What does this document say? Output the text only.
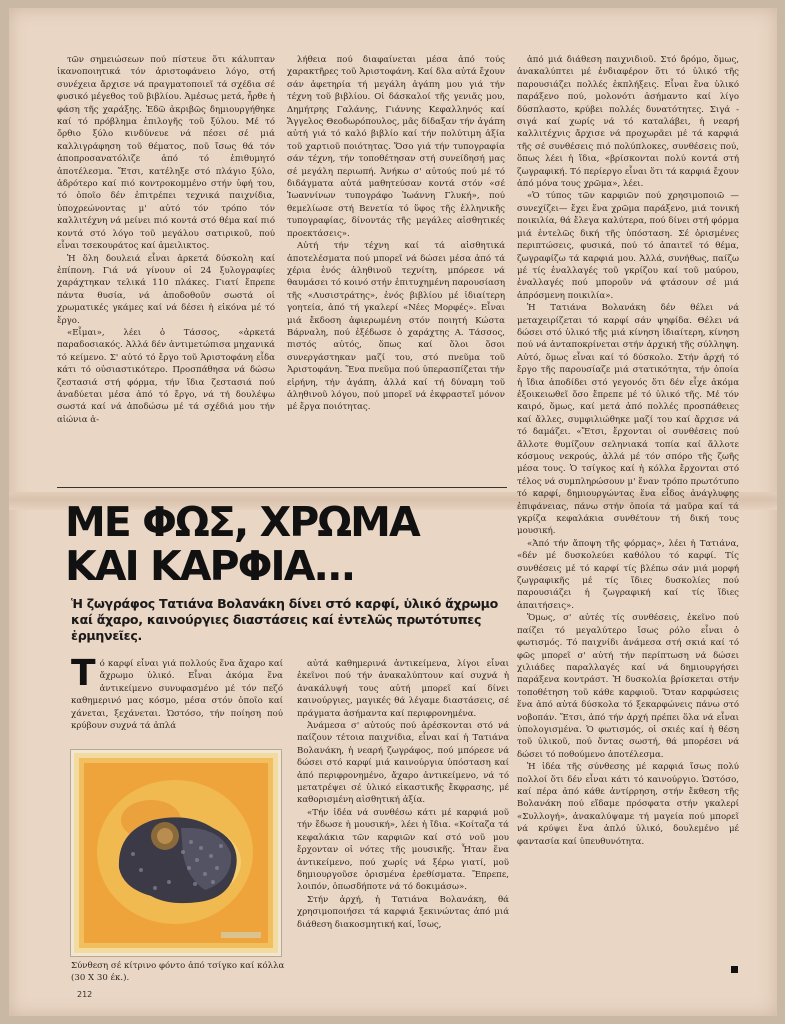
τῶν σημειώσεων πού πίστευε ὅτι κάλυπταν ἱκανοποιητικά τόν ἀριστοφάνειο λόγο, στή συνέχεια ἄρχισε νά πραγματοποιεῖ τά σχέδια σέ φυσικό μέγεθος τοῦ βιβλίου. Ἀμέσως μετά, ἦρθε ἡ φάση τῆς χαράξης. Ἐδῶ ἀκριβῶς δημιουργήθηκε καί τό πρόβλημα ἐπιλογῆς τοῦ ξύλου. Μέ τό ὄρθιο ξύλο κινδύνευε νά πέσει σέ μιά καλλιγράφηση τοῦ θέματος, ποῦ ἴσως θά τόν ἀποπροσανατόλιζε ἀπό τό ἐπιθυμητό ἀποτέλεσμα. Ἔτσι, κατέληξε στό πλάγιο ξύλο, ἀδρότερο καί πιό κοντροκομμένο στήν ὑφή του, τό ὁποῖο δέν ἐπιτρέπει τεχνικά παιχνίδια, ὑποχρεώνοντας μ' αὐτό τόν τρόπο τόν καλλιτέχνη νά μείνει πιό κοντά στό θέμα καί πιό κοντά στό λόγο τοῦ μεγάλου σατιρικοῦ, πού εἶναι τσεκουράτος καί ἀμειλικτος.

Ἡ ὅλη δουλειά εἶναι ἀρκετά δύσκολη καί ἐπίπονη. Γιά νά γίνουν οἱ 24 ξυλογραφίες χαράχτηκαν τελικά 110 πλάκες. Γιατί ἔπρεπε πάντα θυσία, νά ἀποδοθοῦν σωστά οἱ χρωματικές γκάμες καί νά δέσει ἡ εἰκόνα μέ τό ἔργο.

«Εἶμαι», λέει ὁ Τάσσος, «ἀρκετά παραδοσιακός. Ἀλλά δέν ἀντιμετώπισα μηχανικά τό κείμενο. Σ' αὐτό τό ἔργο τοῦ Ἀριστοφάνη εἶδα κάτι τό οὐσιαστικότερο. Προσπάθησα νά δώσω ζεστασιά στή φόρμα, τήν ἴδια ζεστασιά πού ἀναδύεται μέσα ἀπό τό ἔργο, νά τή δουλέψω σωστά καί νά ἀποδώσω μέ τά σχέδιά μου τήν αἰώνια ἀ-

λήθεια πού διαφαίνεται μέσα ἀπό τούς χαρακτῆρες τοῦ Ἀριστοφάνη. Καί δλα αὐτά ἔχουν σάν ἀφετηρία τή μεγάλη ἀγάπη μου γιά τήν τέχνη τοῦ βιβλίου. Οἱ δάσκαλοί τῆς γενιᾶς μου, Δημήτρης Γαλάνης, Γιάννης Κεφαλληνός καί Ἄγγελος Θεοδωρόπουλος, μᾶς δίδαξαν τήν ἀγάπη αὐτή γιά τό καλό βιβλίο καί τήν πολύτιμη ἀξία τοῦ χαρτιοῦ ποιότητας. Ὅσο γιά τήν τυπογραφία σάν τέχνη, τήν τοποθέτησαν στή συνείδησή μας σέ μεγάλη περιωπή. Ἀνήκω σ' αὐτούς πού μέ τό διδάγματα αὐτά μαθητεύσαν κοντά στόν «σέ Ἰωαννίνων τυπογράφο Ἰωάννη Γλυκή», πού θεμελίωσε στή Βενετία τό ὕφος τῆς ἑλληνικῆς τυπογραφίας, δίνοντάς τῆς μεγάλες αἰσθητικές προεκτάσεις».

Αὐτή τήν τέχνη καί τά αἰσθητικά ἀποτελέσματα πού μπορεῖ νά δώσει μέσα ἀπό τά χέρια ἑνός ἀληθινοῦ τεχνίτη, μπόρεσε νά θαυμάσει τό κοινό στήν ἐπιτυχημένη παρουσίαση τῆς «Λυσιστράτης», ἑνός βιβλίου μέ ἰδιαίτερη γοητεία, ἀπό τή γκαλερί «Νέες Μορφές». Εἶναι μιά ἔκδοση ἀφιερωμένη στόν ποιητή Κώστα Βάρναλη, πού ἐξέδωσε ὁ χαράχτης Α. Τάσσος, πιστός αὐτός, ὅπως καί ὅλοι ὅσοι συνεργάστηκαν μαζί του, στό πνεῦμα τοῦ Ἀριστοφάνη. Ἕνα πνεῦμα πού ὑπερασπίζεται τήν εἰρήνη, τήν ἀγάπη, ἀλλά καί τή δύναμη τοῦ ἀληθινοῦ λόγου, πού μπορεῖ νά ἐκφραστεῖ μόνον μέ ἔργα ποιότητας.

ἀπό μιά διάθεση παιχνιδιοῦ. Στό δρόμο, ὅμως, ἀνακαλύπτει μέ ἐνδιαφέρον ὅτι τό ὑλικό τῆς παρουσιάζει πολλές ἐκπλήξεις. Εἶναι ἕνα ὑλικό παράξενο πού, μολονότι ἀσήμαντο καί λίγο δύσπλαστο, κρύβει πολλές δυνατότητες. Σιγά - σιγά καί χωρίς νά τό καταλάβει, ἡ νεαρή καλλιτέχνις ἄρχισε νά προχωρᾶει μέ τά καρφιά τῆς σέ συνθέσεις πιό πολύπλοκες, συνθέσεις πού, ὅπως λέει ἡ ἴδια, «βρίσκονται πολύ κοντά στή ζωγραφική. Τό περίεργο εἶναι ὅτι τά καρφιά ἔχουν ἀπό μόνα τους χρῶμα», λέει.

«Ὁ τύπος τῶν καρφιῶν πού χρησιμοποιῶ —συνεχίζει— ἔχει ἕνα χρῶμα παράξενο, μιά τονική ποικιλία, θά ἔλεγα καλύτερα, πού δίνει στή φόρμα μιά ἐντελῶς δική τῆς ὑπόσταση. Σέ ὁρισμένες περιπτώσεις, φυσικά, πού τό ἀπαιτεῖ τό θέμα, ζωγραφίζω τά καρφιά μου. Ἀλλά, συνήθως, παίζω μέ τίς ἐναλλαγές τοῦ γκρίζου καί τοῦ μαύρου, ἐναλλαγές πού μποροῦν νά φτάσουν σέ μιά ἀπρόσμενη ποικιλία».

Ἡ Τατιάνα Βολανάκη δέν θέλει νά μεταχειρίζεται τό καρφί σάν ψηφίδα. Θέλει νά δώσει στό ὑλικό τῆς μιά κίνηση ἰδιαίτερη, κίνηση πού νά ἀνταποκρίνεται στήν ἀρχική τῆς σύλληψη. Αὐτό, ὅμως εἶναι καί τό δύσκολο. Στήν ἀρχή τό ἔργο τῆς παρουσίαζε μιά στατικότητα, τήν ὁποία ἡ ἴδια ἀποδίδει στό γεγονός ὅτι δέν εἶχε ἀκόμα ἐξοικειωθεῖ ὅσο ἔπρεπε μέ τό ὑλικό τῆς. Μέ τόν καιρό, ὅμως, καί μετά ἀπό πολλές προσπάθειες καί ἄλλες, συμφιλιώθηκε μαζί του καί ἄρχισε νά τό δαμάζει. «Ἔτσι, ἔρχονται οἱ συνθέσεις πού ἄλλοτε θυμίζουν σεληνιακά τοπία καί ἄλλοτε κόσμους νεκρούς, ἀλλά μέ τόν σπόρο τῆς ζωῆς μέσα τους. Ὁ τσίγκος καί ἡ κόλλα ἔρχονται στό τέλος νά συμπληρώσουν μ' ἕναν τρόπο πρωτότυπο τό καρφί, δημιουργώντας ἕνα εἶδος ἀνάγλυφης ἐπιφάνειας, πάνω στήν ὁποία τά μαῦρα καί τά γκρίζα κεφαλάκια συνθέτουν τή δική τους μουσική.

«Ἀπό τήν ἄποψη τῆς φόρμας», λέει ἡ Τατιάνα, «δέν μέ δυσκολεύει καθόλου τό καρφί. Τίς συνθέσεις μέ τό καρφί τίς βλέπω σάν μιά μορφή ζωγραφικῆς μέ τίς ἴδιες δυσκολίες πού παρουσιάζει ἡ ζωγραφική καί τίς ἴδιες ἀπαιτήσεις».

Ὅμως, σ' αὐτές τίς συνθέσεις, ἐκεῖνο πού παίζει τό μεγαλύτερο ἴσως ρόλο εἶναι ὁ φωτισμός. Τό παιχνίδι ἀνάμεσα στή σκιά καί τό φῶς μπορεῖ σ' αὐτή τήν περίπτωση νά δώσει χιλιάδες παραλλαγές καί νά δημιουργήσει παράξενα κοντράστ. Ἡ δυσκολία βρίσκεται στήν τοποθέτηση τοῦ κάθε καρφιοῦ. Ὅταν καρφώσεις ἕνα ἀπό αὐτά δύσκολα τό ξεκαρφώνεις πάνω στό νοβοπάν. Ἔτσι, ἀπό τήν ἀρχή πρέπει ὅλα νά εἶναι ὑπολογισμένα. Ὁ φωτισμός, οἱ σκιές καί ἡ θέση τοῦ ὑλικοῦ, πού ὄντας σωστή, θά μπορέσει νά δώσει τό ποθούμενο ἀποτέλεσμα.

Ἡ ἰδέα τῆς σύνθεσης μέ καρφιά ἴσως πολύ πολλοί ὅτι δέν εἶναι κάτι τό καινούργιο. Ὡστόσο, καί πέρα ἀπό κάθε ἀντίρρηση, στήν ἔκθεση τῆς Βολανάκη πού εἴδαμε πρόσφατα στήν γκαλερί «Συλλογή», ἀνακαλύψαμε τή μαγεία πού μπορεῖ νά κρύψει ἕνα ἁπλό ὑλικό, δουλεμένο μέ φαντασία καί ὑπευθυνότητα.

ΜΕ ΦΩΣ, ΧΡΩΜΑ
ΚΑΙ ΚΑΡΦΙΑ...

Ἡ ζωγράφος Τατιάνα Βολανάκη δίνει στό καρφί, ὑλικό ἄχρωμο καί ἄχαρο, καινούργιες διαστάσεις καί ἐντελῶς πρωτότυπες ἑρμηνεῖες.

Τ ό καρφί εἶναι γιά πολλούς ἕνα ἄχαρο καί ἄχρωμο ὑλικό. Εἶναι ἀκόμα ἕνα ἀντικείμενο συνυφασμένο μέ τόν πεζό καθημερινό μας κόσμο, μέσα στόν ὁποῖο καί χάνεται, ξεχάνεται. Ὡστόσο, τήν ποίηση πού κρύβουν συχνά τά ἁπλά

αὐτά καθημερινά ἀντικείμενα, λίγοι εἶναι ἐκεῖνοι πού τήν ἀνακαλύπτουν καί συχνά ἡ ἀνακάλυψή τους αὐτή μπορεῖ καί δίνει καινούργιες, μαγικές θά λέγαμε διαστάσεις, σέ πράγματα ἀσήμαντα καί περιφρονημένα.

Ἀνάμεσα σ' αὐτούς πού ἀρέσκονται στό νά παίζουν τέτοια παιχνίδια, εἶναι καί ἡ Τατιάνα Βολανάκη, ἡ νεαρή ζωγράφος, πού μπόρεσε νά δώσει στό καρφί μιά καινούργια ὑπόσταση καί ἀπό περιφρονημένο, ἄχαρο ἀντικείμενο, νά τό μετατρέψει σέ ὑλικό εἰκαστικῆς ἔκφρασης, μέ καθορισμένη αἰσθητική ἀξία.

«Τήν ἰδέα νά συνθέσω κάτι μέ καρφιά μοῦ τήν ἔδωσε ἡ μουσική», λέει ἡ ἴδια. «Κοίταζα τά κεφαλάκια τῶν καρφιῶν καί στό νοῦ μου ἔρχονταν οἱ νότες τῆς μουσικῆς. Ἦταν ἕνα ἀντικείμενο, πού χωρίς νά ξέρω γιατί, μοῦ δημιουργοῦσε ὁρισμένα ἐρεθίσματα. Ἔπρεπε, λοιπόν, ὁπωσδήποτε νά τό δοκιμάσω».

Στήν ἀρχή, ἡ Τατιάνα Βολανάκη, θά χρησιμοποιήσει τά καρφιά ξεκινώντας ἀπό μιά διάθεση διακοσμητική καί, ἴσως,

Σύνθεση σέ κίτρινο φόντο ἀπό τσίγκο καί κόλλα (30 Χ 30 έκ.).

212
